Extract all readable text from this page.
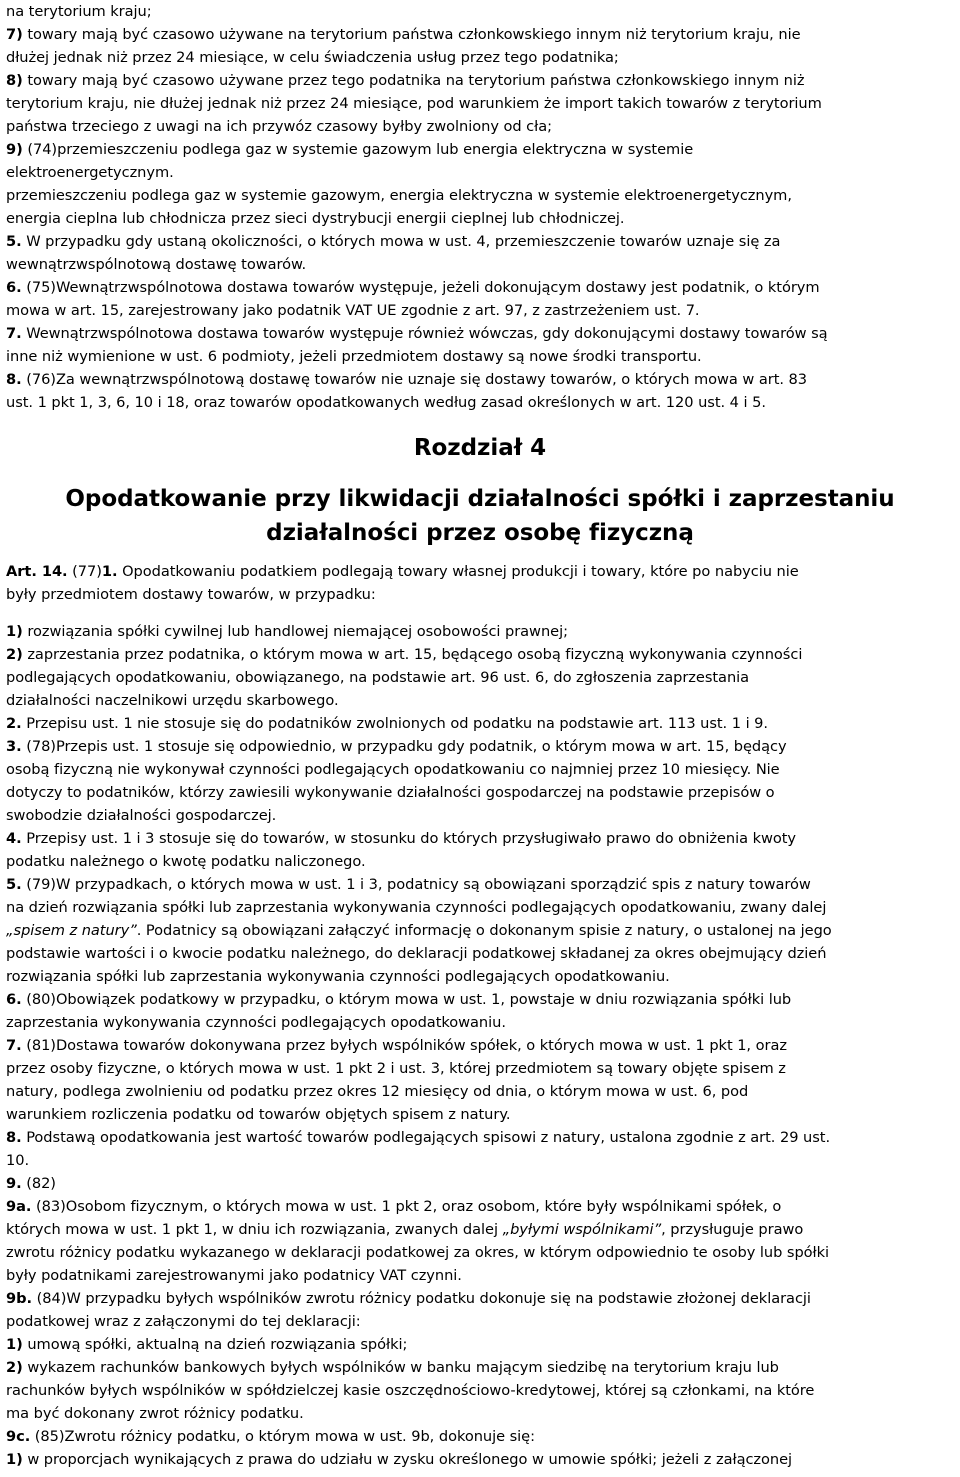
na terytorium kraju;
7) towary mają być czasowo używane na terytorium państwa członkowskiego innym niż terytorium kraju, nie
dłużej jednak niż przez 24 miesiące, w celu świadczenia usług przez tego podatnika;
8) towary mają być czasowo używane przez tego podatnika na terytorium państwa członkowskiego innym niż
terytorium kraju, nie dłużej jednak niż przez 24 miesiące, pod warunkiem że import takich towarów z terytorium
państwa trzeciego z uwagi na ich przywóz czasowy byłby zwolniony od cła;
9) (74)przemieszczeniu podlega gaz w systemie gazowym lub energia elektryczna w systemie
elektroenergetycznym.
przemieszczeniu podlega gaz w systemie gazowym, energia elektryczna w systemie elektroenergetycznym,
energia cieplna lub chłodnicza przez sieci dystrybucji energii cieplnej lub chłodniczej.
5. W przypadku gdy ustaną okoliczności, o których mowa w ust. 4, przemieszczenie towarów uznaje się za
wewnątrzwspólnotową dostawę towarów.
6. (75)Wewnątrzwspólnotowa dostawa towarów występuje, jeżeli dokonującym dostawy jest podatnik, o którym
mowa w art. 15, zarejestrowany jako podatnik VAT UE zgodnie z art. 97, z zastrzeżeniem ust. 7.
7. Wewnątrzwspólnotowa dostawa towarów występuje również wówczas, gdy dokonującymi dostawy towarów są
inne niż wymienione w ust. 6 podmioty, jeżeli przedmiotem dostawy są nowe środki transportu.
8. (76)Za wewnątrzwspólnotową dostawę towarów nie uznaje się dostawy towarów, o których mowa w art. 83
ust. 1 pkt 1, 3, 6, 10 i 18, oraz towarów opodatkowanych według zasad określonych w art. 120 ust. 4 i 5.
Rozdział 4
Opodatkowanie przy likwidacji działalności spółki i zaprzestaniu
działalności przez osobę fizyczną
Art. 14. (77)1. Opodatkowaniu podatkiem podlegają towary własnej produkcji i towary, które po nabyciu nie
były przedmiotem dostawy towarów, w przypadku:
1) rozwiązania spółki cywilnej lub handlowej niemającej osobowości prawnej;
2) zaprzestania przez podatnika, o którym mowa w art. 15, będącego osobą fizyczną wykonywania czynności
podlegających opodatkowaniu, obowiązanego, na podstawie art. 96 ust. 6, do zgłoszenia zaprzestania
działalności naczelnikowi urzędu skarbowego.
2. Przepisu ust. 1 nie stosuje się do podatników zwolnionych od podatku na podstawie art. 113 ust. 1 i 9.
3. (78)Przepis ust. 1 stosuje się odpowiednio, w przypadku gdy podatnik, o którym mowa w art. 15, będący
osobą fizyczną nie wykonywał czynności podlegających opodatkowaniu co najmniej przez 10 miesięcy. Nie
dotyczy to podatników, którzy zawiesili wykonywanie działalności gospodarczej na podstawie przepisów o
swobodzie działalności gospodarczej.
4. Przepisy ust. 1 i 3 stosuje się do towarów, w stosunku do których przysługiwało prawo do obniżenia kwoty
podatku należnego o kwotę podatku naliczonego.
5. (79)W przypadkach, o których mowa w ust. 1 i 3, podatnicy są obowiązani sporządzić spis z natury towarów
na dzień rozwiązania spółki lub zaprzestania wykonywania czynności podlegających opodatkowaniu, zwany dalej
„spisem z natury”. Podatnicy są obowiązani załączyć informację o dokonanym spisie z natury, o ustalonej na jego
podstawie wartości i o kwocie podatku należnego, do deklaracji podatkowej składanej za okres obejmujący dzień
rozwiązania spółki lub zaprzestania wykonywania czynności podlegających opodatkowaniu.
6. (80)Obowiązek podatkowy w przypadku, o którym mowa w ust. 1, powstaje w dniu rozwiązania spółki lub
zaprzestania wykonywania czynności podlegających opodatkowaniu.
7. (81)Dostawa towarów dokonywana przez byłych wspólników spółek, o których mowa w ust. 1 pkt 1, oraz
przez osoby fizyczne, o których mowa w ust. 1 pkt 2 i ust. 3, której przedmiotem są towary objęte spisem z
natury, podlega zwolnieniu od podatku przez okres 12 miesięcy od dnia, o którym mowa w ust. 6, pod
warunkiem rozliczenia podatku od towarów objętych spisem z natury.
8. Podstawą opodatkowania jest wartość towarów podlegających spisowi z natury, ustalona zgodnie z art. 29 ust.
10.
9. (82)
9a. (83)Osobom fizycznym, o których mowa w ust. 1 pkt 2, oraz osobom, które były wspólnikami spółek, o
których mowa w ust. 1 pkt 1, w dniu ich rozwiązania, zwanych dalej „byłymi wspólnikami”, przysługuje prawo
zwrotu różnicy podatku wykazanego w deklaracji podatkowej za okres, w którym odpowiednio te osoby lub spółki
były podatnikami zarejestrowanymi jako podatnicy VAT czynni.
9b. (84)W przypadku byłych wspólników zwrotu różnicy podatku dokonuje się na podstawie złożonej deklaracji
podatkowej wraz z załączonymi do tej deklaracji:
1) umową spółki, aktualną na dzień rozwiązania spółki;
2) wykazem rachunków bankowych byłych wspólników w banku mającym siedzibę na terytorium kraju lub
rachunków byłych wspólników w spółdzielczej kasie oszczędnościowo-kredytowej, której są członkami, na które
ma być dokonany zwrot różnicy podatku.
9c. (85)Zwrotu różnicy podatku, o którym mowa w ust. 9b, dokonuje się:
1) w proporcjach wynikających z prawa do udziału w zysku określonego w umowie spółki; jeżeli z załączonej
